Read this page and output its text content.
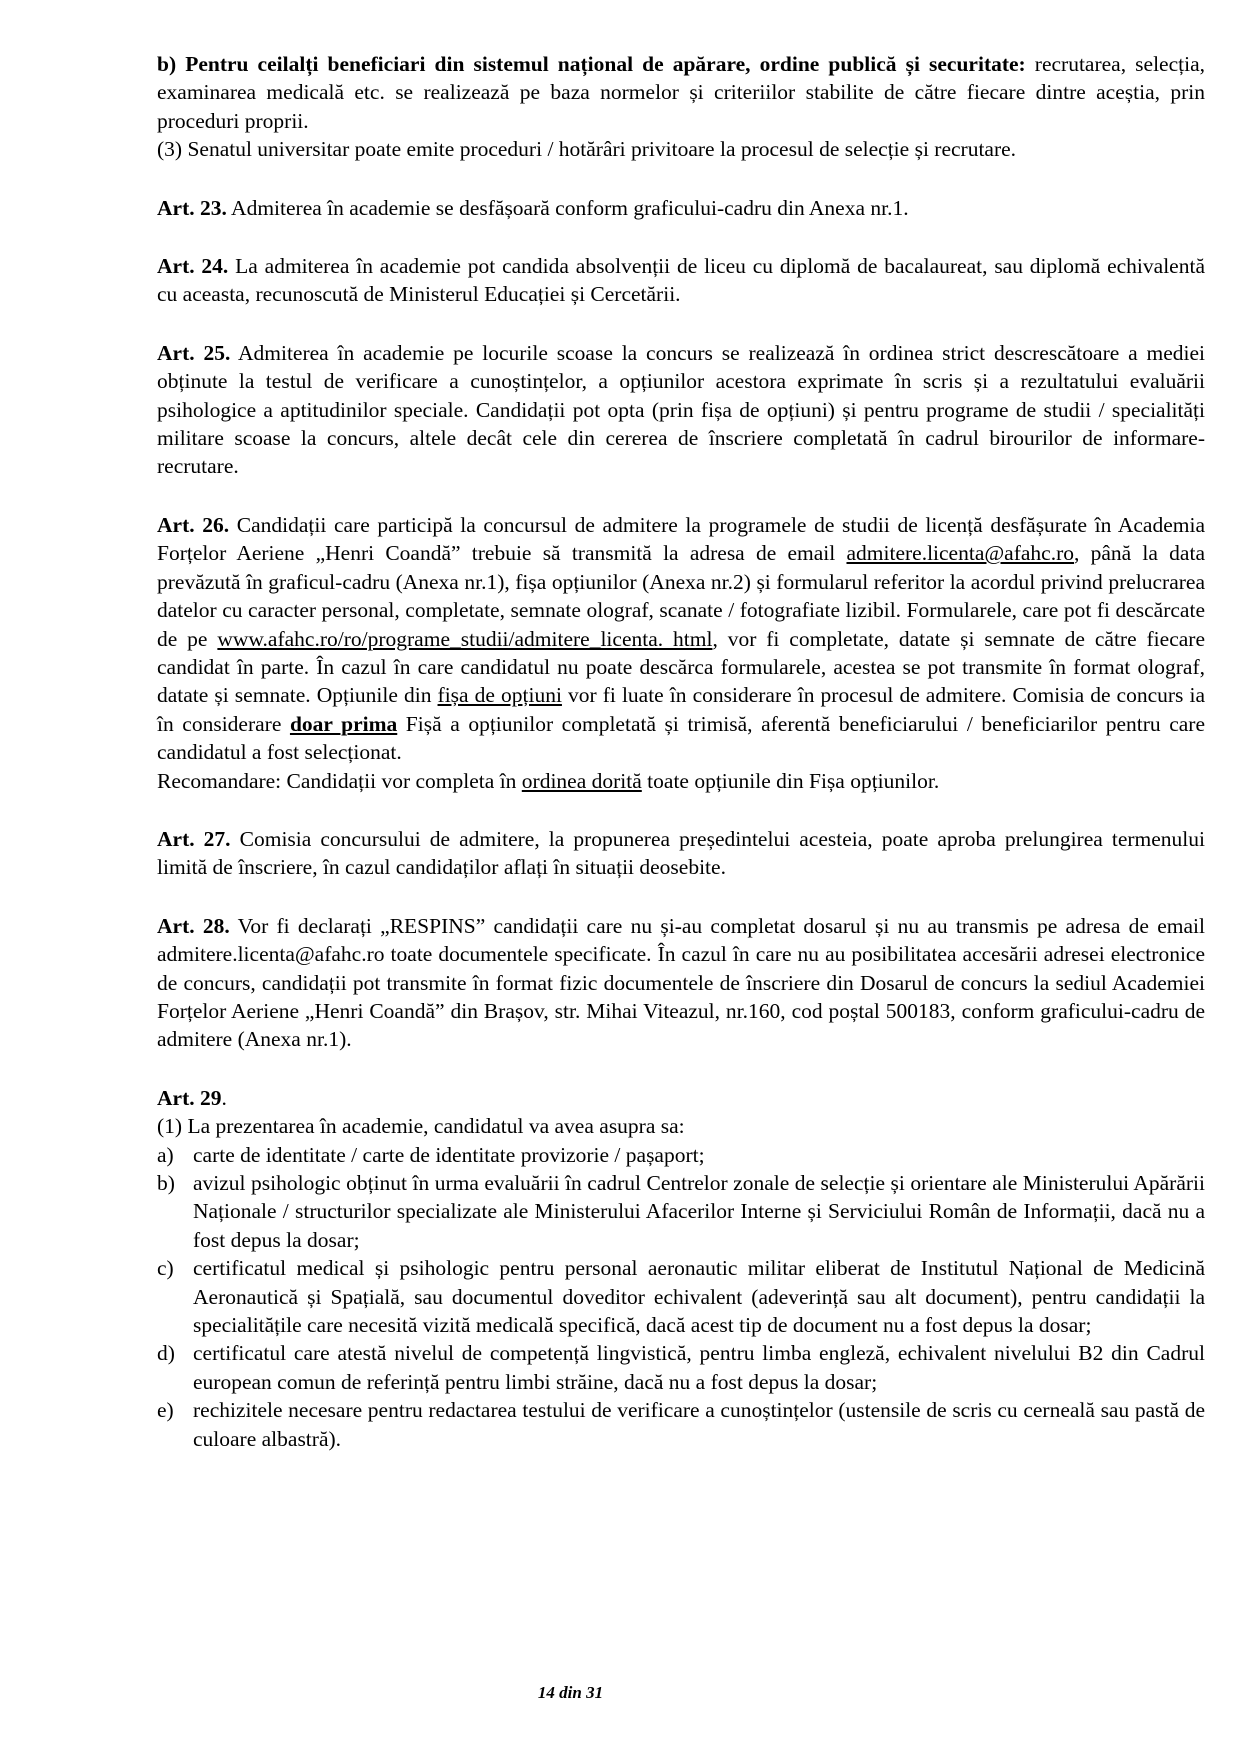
b) Pentru ceilalți beneficiari din sistemul național de apărare, ordine publică și securitate: recrutarea, selecția, examinarea medicală etc. se realizează pe baza normelor și criteriilor stabilite de către fiecare dintre aceștia, prin proceduri proprii.
(3) Senatul universitar poate emite proceduri / hotărâri privitoare la procesul de selecție și recrutare.
Art. 23. Admiterea în academie se desfășoară conform graficului-cadru din Anexa nr.1.
Art. 24. La admiterea în academie pot candida absolvenții de liceu cu diplomă de bacalaureat, sau diplomă echivalentă cu aceasta, recunoscută de Ministerul Educației și Cercetării.
Art. 25. Admiterea în academie pe locurile scoase la concurs se realizează în ordinea strict descrescătoare a mediei obținute la testul de verificare a cunoștințelor, a opțiunilor acestora exprimate în scris și a rezultatului evaluării psihologice a aptitudinilor speciale. Candidații pot opta (prin fișa de opțiuni) și pentru programe de studii / specialități militare scoase la concurs, altele decât cele din cererea de înscriere completată în cadrul birourilor de informare-recrutare.
Art. 26. Candidații care participă la concursul de admitere la programele de studii de licență desfășurate în Academia Forțelor Aeriene „Henri Coandă” trebuie să transmită la adresa de email admitere.licenta@afahc.ro, până la data prevăzută în graficul-cadru (Anexa nr.1), fișa opțiunilor (Anexa nr.2) și formularul referitor la acordul privind prelucrarea datelor cu caracter personal, completate, semnate olograf, scanate / fotografiate lizibil. Formularele, care pot fi descărcate de pe www.afahc.ro/ro/programe_studii/admitere_licenta. html, vor fi completate, datate și semnate de către fiecare candidat în parte. În cazul în care candidatul nu poate descărca formularele, acestea se pot transmite în format olograf, datate și semnate. Opțiunile din fișa de opțiuni vor fi luate în considerare în procesul de admitere. Comisia de concurs ia în considerare doar prima Fișă a opțiunilor completată și trimisă, aferentă beneficiarului / beneficiarilor pentru care candidatul a fost selecționat.
Recomandare: Candidații vor completa în ordinea dorită toate opțiunile din Fișa opțiunilor.
Art. 27. Comisia concursului de admitere, la propunerea președintelui acesteia, poate aproba prelungirea termenului limită de înscriere, în cazul candidaților aflați în situații deosebite.
Art. 28. Vor fi declarați „RESPINS” candidații care nu și-au completat dosarul și nu au transmis pe adresa de email admitere.licenta@afahc.ro toate documentele specificate. În cazul în care nu au posibilitatea accesării adresei electronice de concurs, candidații pot transmite în format fizic documentele de înscriere din Dosarul de concurs la sediul Academiei Forțelor Aeriene „Henri Coandă” din Brașov, str. Mihai Viteazul, nr.160, cod poștal 500183, conform graficului-cadru de admitere (Anexa nr.1).
Art. 29.
(1) La prezentarea în academie, candidatul va avea asupra sa:
a) carte de identitate / carte de identitate provizorie / pașaport;
b) avizul psihologic obținut în urma evaluării în cadrul Centrelor zonale de selecție și orientare ale Ministerului Apărării Naționale / structurilor specializate ale Ministerului Afacerilor Interne și Serviciului Român de Informații, dacă nu a fost depus la dosar;
c) certificatul medical și psihologic pentru personal aeronautic militar eliberat de Institutul Național de Medicină Aeronautică și Spațială, sau documentul doveditor echivalent (adeverință sau alt document), pentru candidații la specialitățile care necesită vizită medicală specifică, dacă acest tip de document nu a fost depus la dosar;
d) certificatul care atestă nivelul de competență lingvistică, pentru limba engleză, echivalent nivelului B2 din Cadrul european comun de referință pentru limbi străine, dacă nu a fost depus la dosar;
e) rechizitele necesare pentru redactarea testului de verificare a cunoștințelor (ustensile de scris cu cerneală sau pastă de culoare albastră).
14 din 31
